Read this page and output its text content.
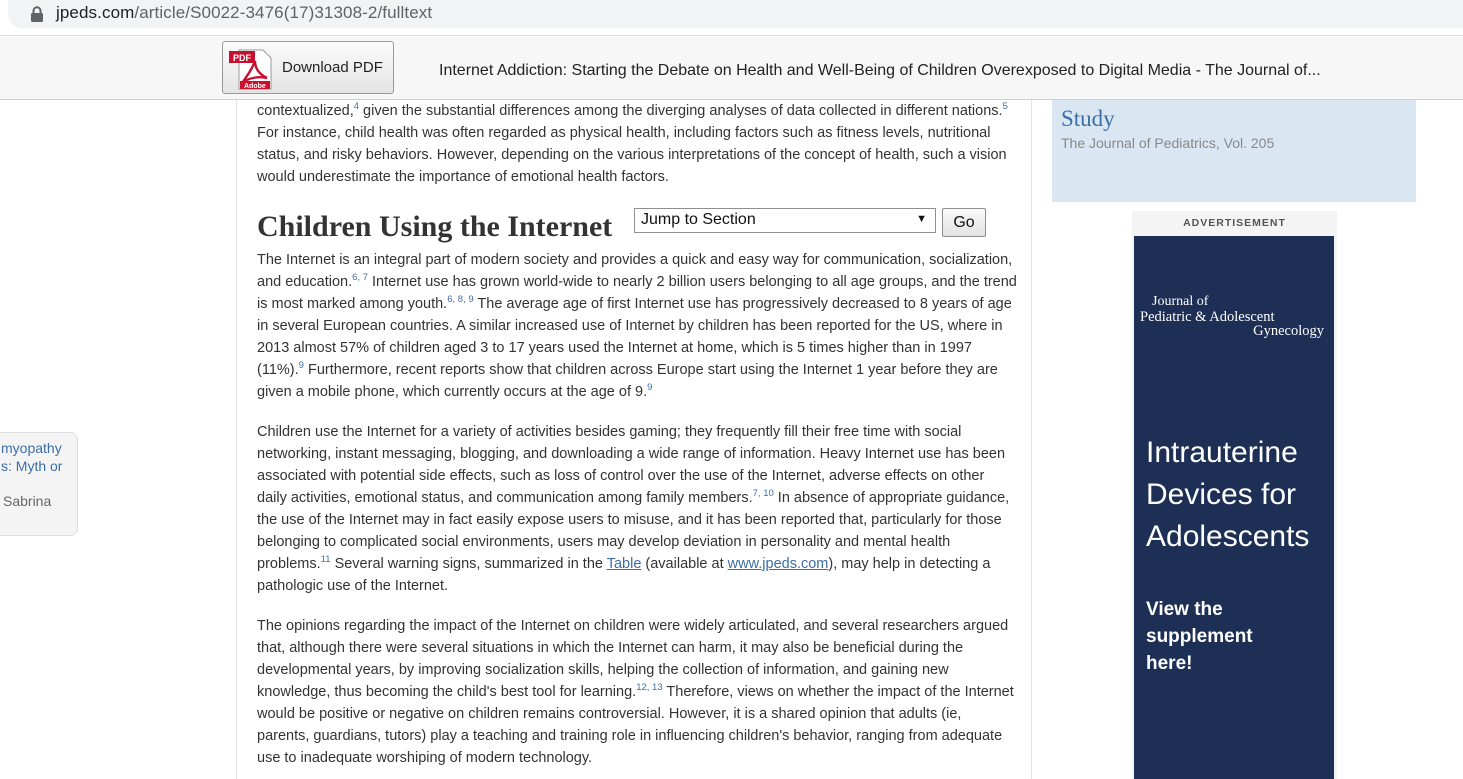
jpeds.com/article/S0022-3476(17)31308-2/fulltext
PDF
Adobe
Download PDF	Internet Addiction: Starting the Debate on Health and Well-Being of Children Overexposed to Digital Media - The Journal of...
myopathy
s: Myth or
Sabrina

contextualized,$^4$ given the substantial differences among the diverging analyses of data collected in different nations.$^5$ For instance, child health was often regarded as physical health, including factors such as fitness levels, nutritional status, and risky behaviors. However, depending on the various interpretations of the concept of health, such a vision would underestimate the importance of emotional health factors.

Children Using the Internet	Jump to Section	▼	Go

The Internet is an integral part of modern society and provides a quick and easy way for communication, socialization, and education.$^{6, 7}$ Internet use has grown world-wide to nearly 2 billion users belonging to all age groups, and the trend is most marked among youth.$^{6, 8, 9}$ The average age of first Internet use has progressively decreased to 8 years of age in several European countries. A similar increased use of Internet by children has been reported for the US, where in 2013 almost 57% of children aged 3 to 17 years used the Internet at home, which is 5 times higher than in 1997 (11%).$^9$ Furthermore, recent reports show that children across Europe start using the Internet 1 year before they are given a mobile phone, which currently occurs at the age of 9.$^9$

Children use the Internet for a variety of activities besides gaming; they frequently fill their free time with social networking, instant messaging, blogging, and downloading a wide range of information. Heavy Internet use has been associated with potential side effects, such as loss of control over the use of the Internet, adverse effects on other daily activities, emotional status, and communication among family members.$^{7, 10}$ In absence of appropriate guidance, the use of the Internet may in fact easily expose users to misuse, and it has been reported that, particularly for those belonging to complicated social environments, users may develop deviation in personality and mental health problems.$^{11}$ Several warning signs, summarized in the Table (available at www.jpeds.com), may help in detecting a pathologic use of the Internet.

The opinions regarding the impact of the Internet on children were widely articulated, and several researchers argued that, although there were several situations in which the Internet can harm, it may also be beneficial during the developmental years, by improving socialization skills, helping the collection of information, and gaining new knowledge, thus becoming the child's best tool for learning.$^{12, 13}$ Therefore, views on whether the impact of the Internet would be positive or negative on children remains controversial. However, it is a shared opinion that adults (ie, parents, guardians, tutors) play a teaching and training role in influencing children's behavior, ranging from adequate use to inadequate worshiping of modern technology.

Study
The Journal of Pediatrics, Vol. 205
ADVERTISEMENT
Journal of
Pediatric & Adolescent
Gynecology
Intrauterine Devices for Adolescents
View the supplement here!
